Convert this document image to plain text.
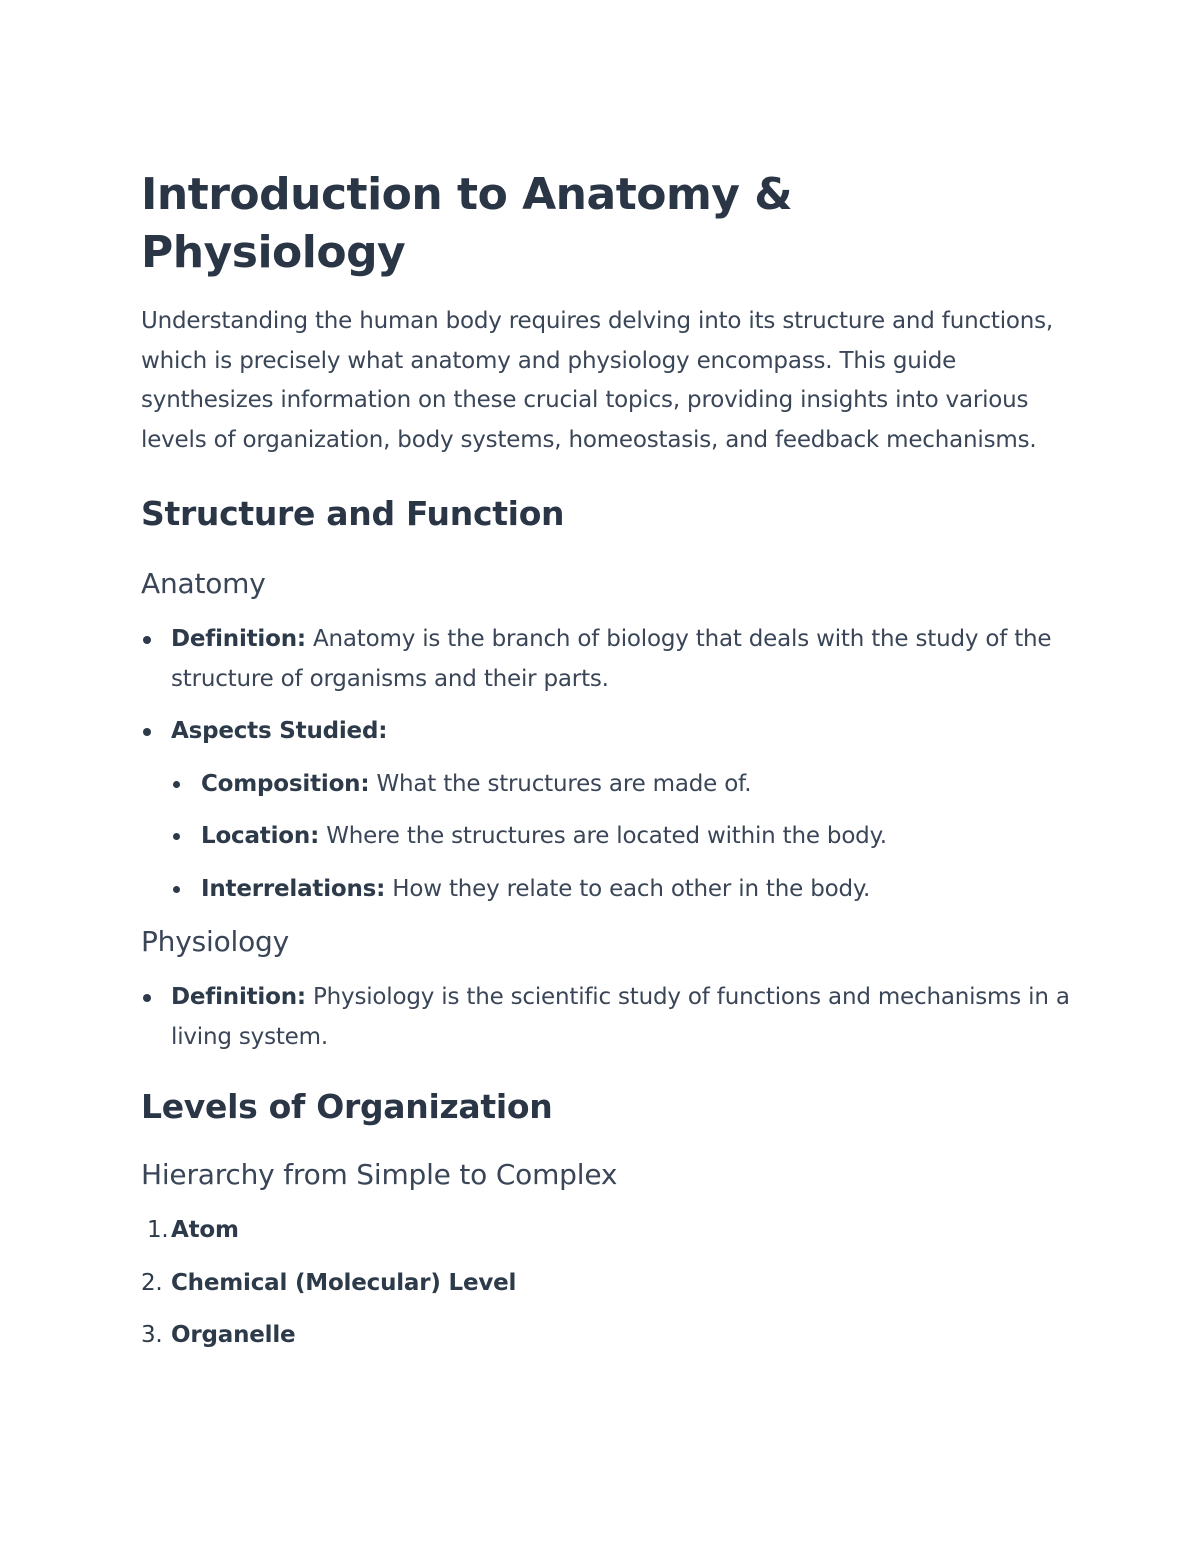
Introduction to Anatomy & Physiology

Understanding the human body requires delving into its structure and functions, which is precisely what anatomy and physiology encompass. This guide synthesizes information on these crucial topics, providing insights into various levels of organization, body systems, homeostasis, and feedback mechanisms.

Structure and Function
Anatomy
Definition: Anatomy is the branch of biology that deals with the study of the structure of organisms and their parts.
Aspects Studied:
Composition: What the structures are made of.
Location: Where the structures are located within the body.
Interrelations: How they relate to each other in the body.
Physiology
Definition: Physiology is the scientific study of functions and mechanisms in a living system.
Levels of Organization
Hierarchy from Simple to Complex
1. Atom
2. Chemical (Molecular) Level
3. Organelle
